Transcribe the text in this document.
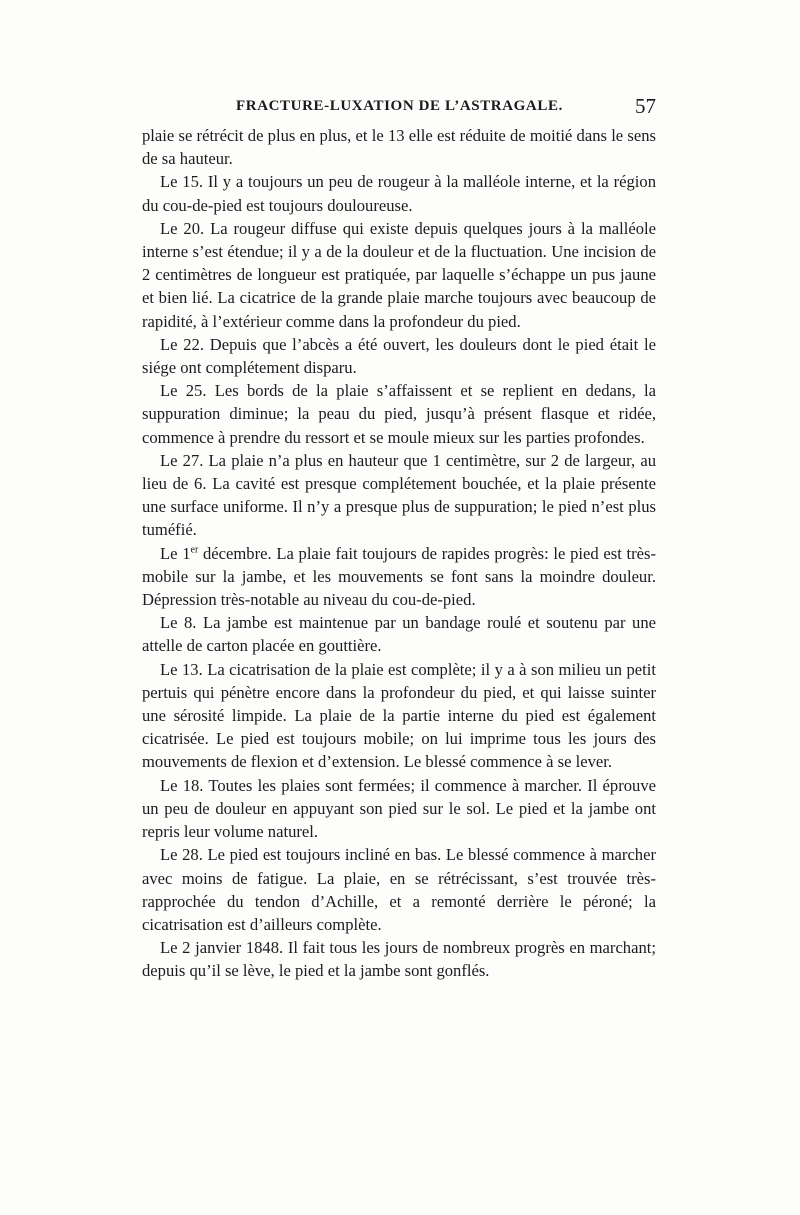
FRACTURE-LUXATION DE L’ASTRAGALE.	57

plaie se rétrécit de plus en plus, et le 13 elle est réduite de moitié dans le sens de sa hauteur.

Le 15. Il y a toujours un peu de rougeur à la malléole interne, et la région du cou-de-pied est toujours douloureuse.

Le 20. La rougeur diffuse qui existe depuis quelques jours à la malléole interne s’est étendue; il y a de la douleur et de la fluctuation. Une incision de 2 centimètres de longueur est pratiquée, par laquelle s’échappe un pus jaune et bien lié. La cicatrice de la grande plaie marche toujours avec beaucoup de rapidité, à l’extérieur comme dans la profondeur du pied.

Le 22. Depuis que l’abcès a été ouvert, les douleurs dont le pied était le siége ont complétement disparu.

Le 25. Les bords de la plaie s’affaissent et se replient en dedans, la suppuration diminue; la peau du pied, jusqu’à présent flasque et ridée, commence à prendre du ressort et se moule mieux sur les parties profondes.

Le 27. La plaie n’a plus en hauteur que 1 centimètre, sur 2 de largeur, au lieu de 6. La cavité est presque complétement bouchée, et la plaie présente une surface uniforme. Il n’y a presque plus de suppuration; le pied n’est plus tuméfié.

Le 1er décembre. La plaie fait toujours de rapides progrès: le pied est très-mobile sur la jambe, et les mouvements se font sans la moindre douleur. Dépression très-notable au niveau du cou-de-pied.

Le 8. La jambe est maintenue par un bandage roulé et soutenu par une attelle de carton placée en gouttière.

Le 13. La cicatrisation de la plaie est complète; il y a à son milieu un petit pertuis qui pénètre encore dans la profondeur du pied, et qui laisse suinter une sérosité limpide. La plaie de la partie interne du pied est également cicatrisée. Le pied est toujours mobile; on lui imprime tous les jours des mouvements de flexion et d’extension. Le blessé commence à se lever.

Le 18. Toutes les plaies sont fermées; il commence à marcher. Il éprouve un peu de douleur en appuyant son pied sur le sol. Le pied et la jambe ont repris leur volume naturel.

Le 28. Le pied est toujours incliné en bas. Le blessé commence à marcher avec moins de fatigue. La plaie, en se rétrécissant, s’est trouvée très-rapprochée du tendon d’Achille, et a remonté derrière le péroné; la cicatrisation est d’ailleurs complète.

Le 2 janvier 1848. Il fait tous les jours de nombreux progrès en marchant; depuis qu’il se lève, le pied et la jambe sont gonflés.
